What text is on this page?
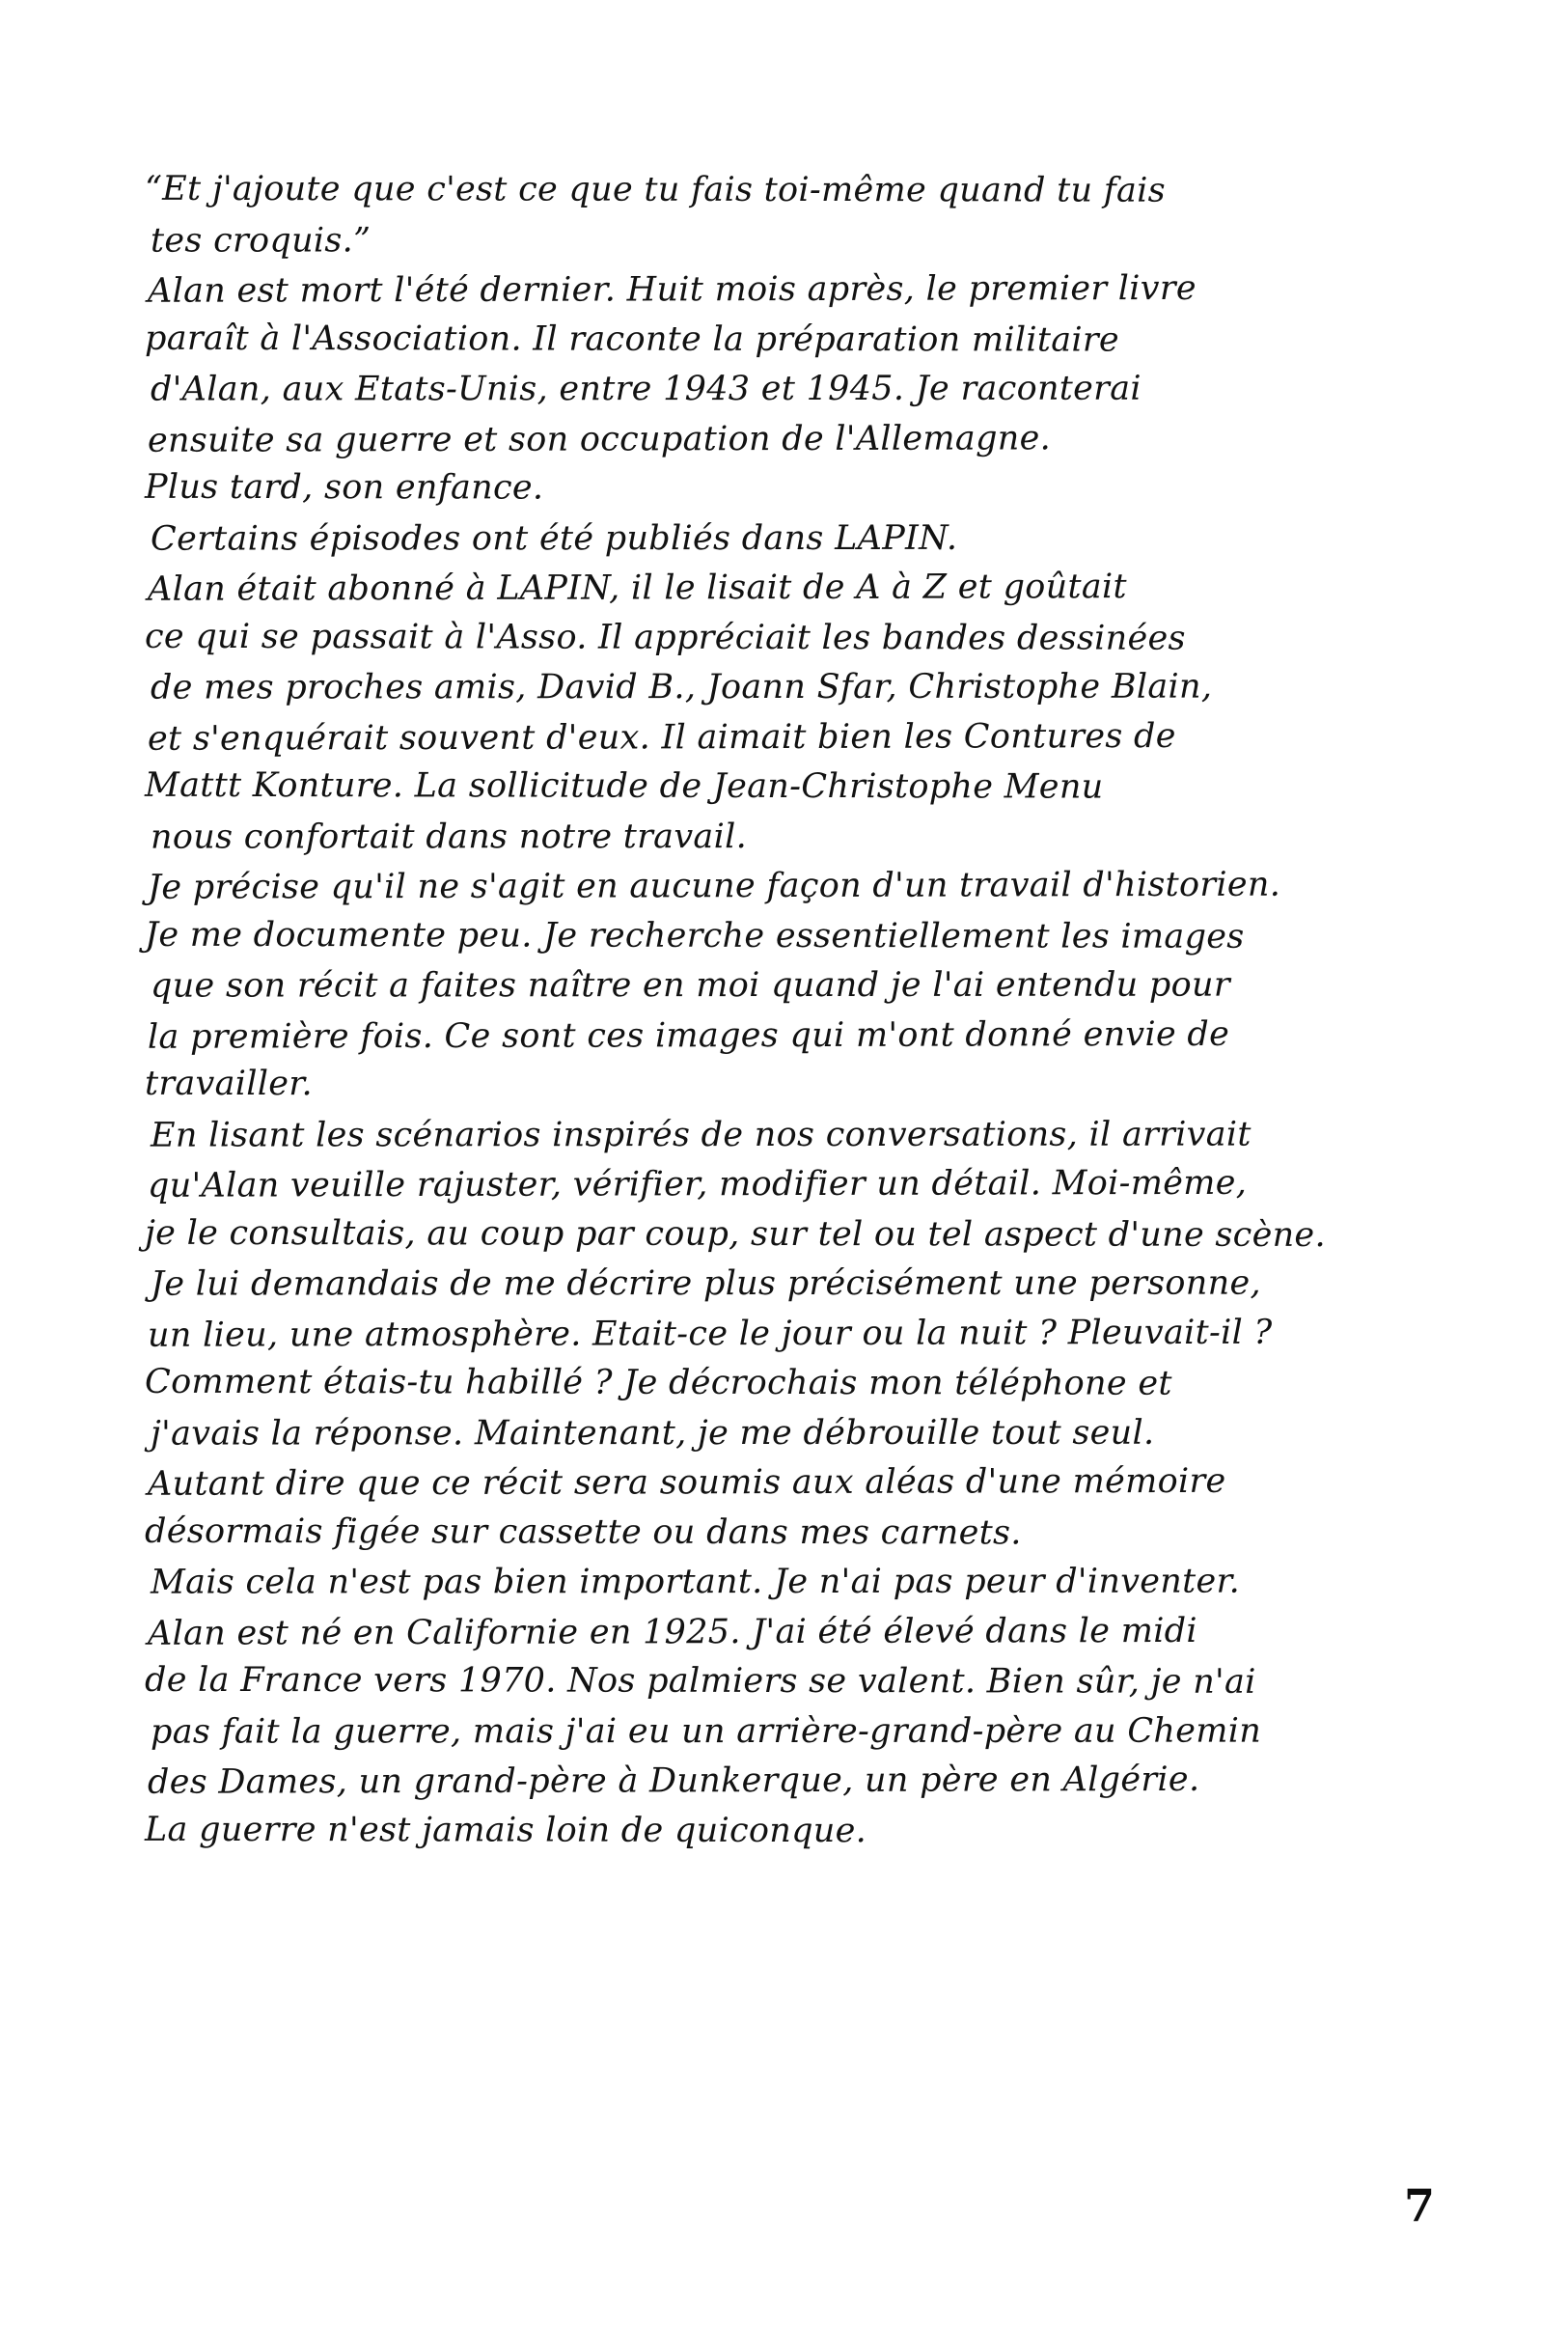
“Et j'ajoute que c'est ce que tu fais toi-même quand tu fais
tes croquis.”
Alan est mort l'été dernier. Huit mois après, le premier livre
paraît à l'Association. Il raconte la préparation militaire
d'Alan, aux Etats-Unis, entre 1943 et 1945. Je raconterai
ensuite sa guerre et son occupation de l'Allemagne.
Plus tard, son enfance.
Certains épisodes ont été publiés dans LAPIN.
Alan était abonné à LAPIN, il le lisait de A à Z et goûtait
ce qui se passait à l'Asso. Il appréciait les bandes dessinées
de mes proches amis, David B., Joann Sfar, Christophe Blain,
et s'enquérait souvent d'eux. Il aimait bien les Contures de
Mattt Konture. La sollicitude de Jean-Christophe Menu
nous confortait dans notre travail.
Je précise qu'il ne s'agit en aucune façon d'un travail d'historien.
Je me documente peu. Je recherche essentiellement les images
que son récit a faites naître en moi quand je l'ai entendu pour
la première fois. Ce sont ces images qui m'ont donné envie de
travailler.
En lisant les scénarios inspirés de nos conversations, il arrivait
qu'Alan veuille rajuster, vérifier, modifier un détail. Moi-même,
je le consultais, au coup par coup, sur tel ou tel aspect d'une scène.
Je lui demandais de me décrire plus précisément une personne,
un lieu, une atmosphère. Etait-ce le jour ou la nuit ? Pleuvait-il ?
Comment étais-tu habillé ? Je décrochais mon téléphone et
j'avais la réponse. Maintenant, je me débrouille tout seul.
Autant dire que ce récit sera soumis aux aléas d'une mémoire
désormais figée sur cassette ou dans mes carnets.
Mais cela n'est pas bien important. Je n'ai pas peur d'inventer.
Alan est né en Californie en 1925. J'ai été élevé dans le midi
de la France vers 1970. Nos palmiers se valent. Bien sûr, je n'ai
pas fait la guerre, mais j'ai eu un arrière-grand-père au Chemin
des Dames, un grand-père à Dunkerque, un père en Algérie.
La guerre n'est jamais loin de quiconque.
7
